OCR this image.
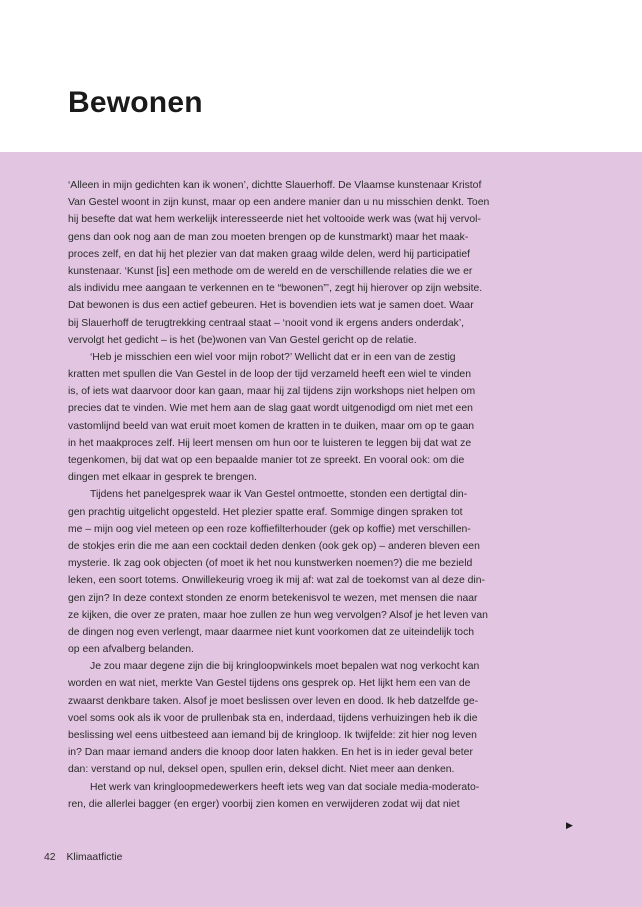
Bewonen
‘Alleen in mijn gedichten kan ik wonen’, dichtte Slauerhoff. De Vlaamse kunstenaar Kristof
Van Gestel woont in zijn kunst, maar op een andere manier dan u nu misschien denkt. Toen
hij besefte dat wat hem werkelijk interesseerde niet het voltooide werk was (wat hij vervol-
gens dan ook nog aan de man zou moeten brengen op de kunstmarkt) maar het maak-
proces zelf, en dat hij het plezier van dat maken graag wilde delen, werd hij participatief
kunstenaar. ‘Kunst [is] een methode om de wereld en de verschillende relaties die we er
als individu mee aangaan te verkennen en te “bewonen”’, zegt hij hierover op zijn website.
Dat bewonen is dus een actief gebeuren. Het is bovendien iets wat je samen doet. Waar
bij Slauerhoff de terugtrekking centraal staat – ‘nooit vond ik ergens anders onderdak’,
vervolgt het gedicht – is het (be)wonen van Van Gestel gericht op de relatie.
‘Heb je misschien een wiel voor mijn robot?’ Wellicht dat er in een van de zestig
kratten met spullen die Van Gestel in de loop der tijd verzameld heeft een wiel te vinden
is, of iets wat daarvoor door kan gaan, maar hij zal tijdens zijn workshops niet helpen om
precies dat te vinden. Wie met hem aan de slag gaat wordt uitgenodigd om niet met een
vastomlijnd beeld van wat eruit moet komen de kratten in te duiken, maar om op te gaan
in het maakproces zelf. Hij leert mensen om hun oor te luisteren te leggen bij dat wat ze
tegenkomen, bij dat wat op een bepaalde manier tot ze spreekt. En vooral ook: om die
dingen met elkaar in gesprek te brengen.
Tijdens het panelgesprek waar ik Van Gestel ontmoette, stonden een dertigtal din-
gen prachtig uitgelicht opgesteld. Het plezier spatte eraf. Sommige dingen spraken tot
me – mijn oog viel meteen op een roze koffiefilterhouder (gek op koffie) met verschillen-
de stokjes erin die me aan een cocktail deden denken (ook gek op) – anderen bleven een
mysterie. Ik zag ook objecten (of moet ik het nou kunstwerken noemen?) die me bezield
leken, een soort totems. Onwillekeurig vroeg ik mij af: wat zal de toekomst van al deze din-
gen zijn? In deze context stonden ze enorm betekenisvol te wezen, met mensen die naar
ze kijken, die over ze praten, maar hoe zullen ze hun weg vervolgen? Alsof je het leven van
de dingen nog even verlengt, maar daarmee niet kunt voorkomen dat ze uiteindelijk toch
op een afvalberg belanden.
Je zou maar degene zijn die bij kringloopwinkels moet bepalen wat nog verkocht kan
worden en wat niet, merkte Van Gestel tijdens ons gesprek op. Het lijkt hem een van de
zwaarst denkbare taken. Alsof je moet beslissen over leven en dood. Ik heb datzelfde ge-
voel soms ook als ik voor de prullenbak sta en, inderdaad, tijdens verhuizingen heb ik die
beslissing wel eens uitbesteed aan iemand bij de kringloop. Ik twijfelde: zit hier nog leven
in? Dan maar iemand anders die knoop door laten hakken. En het is in ieder geval beter
dan: verstand op nul, deksel open, spullen erin, deksel dicht. Niet meer aan denken.
Het werk van kringloopmedewerkers heeft iets weg van dat sociale media-moderato-
ren, die allerlei bagger (en erger) voorbij zien komen en verwijderen zodat wij dat niet
▶
42 Klimaatfictie
